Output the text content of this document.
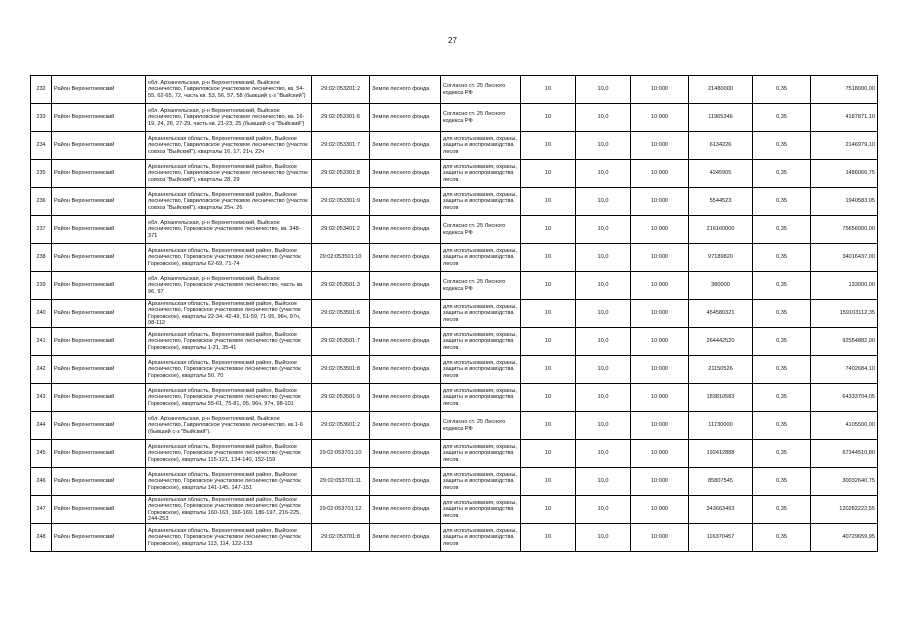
27
232	Район Верхнетоемский	обл. Архангельская, р-н Верхнетоемский, Выйское лесничество, Гавриловское участковое лесничество, кв. 54-55, 62-65, 72, часть кв. 53, 56, 57, 58 (бывший с-з "Выйский")	29:02:053201:2	Земли лесного фонда	Согласно ст. 25 Лесного кодекса РФ	10	10,0	10:000	21480000	0,35	7518000,00
233	Район Верхнетоемский	обл. Архангельская, р-н Верхнетоемский, Выйское лесничество, Гавриловское участковое лесничество, кв. 16-19, 24, 26, 27-29, часть кв. 21-23, 25 (бывший с-з "Выйский")	29:02:053301:6	Земли лесного фонда	Согласно ст. 25 Лесного кодекса РФ	10	10,0	10:000	11965346	0,35	4187871,10
234	Район Верхнетоемский	Архангельская область, Верхнетоемский район, Выйское лесничество, Гавриловское участковое лесничество (участок совхоз "Выйский"), кварталы 16, 17, 21ч, 22ч	29:02:053301:7	Земли лесного фонда	для использования, охраны, защиты и воспроизводства лесов	10	10,0	10:000	6134226	0,35	2146979,10
235	Район Верхнетоемский	Архангельская область, Верхнетоемский район, Выйское лесничество, Гавриловское участковое лесничество (участок совхоз "Выйский"), кварталы 28, 29	29:02:053301:8	Земли лесного фонда	для использования, охраны, защиты и воспроизводства лесов	10	10,0	10:000	4245905	0,35	1486066,75
236	Район Верхнетоемский	Архангельская область, Верхнетоемский район, Выйское лесничество, Гавриловское участковое лесничество (участок совхоз "Выйский"), кварталы 25ч, 26	29:02:053301:9	Земли лесного фонда	для использования, охраны, защиты и воспроизводства лесов	10	10,0	10:000	5544523	0,35	1940583,05
237	Район Верхнетоемский	обл. Архангельская, р-н Верхнетоемский, Выйское лесничество, Горковское участковое лесничество, кв. 348-371	29:02:053401:2	Земли лесного фонда	Согласно ст. 25 Лесного кодекса РФ	10	10,0	10:000	216160000	0,35	75656000,00
238	Район Верхнетоемский	Архангельская область, Верхнетоемский район, Выйское лесничество, Горковское участковое лесничество (участок Горковское), кварталы 62-69, 71-74	29:02:053501:10	Земли лесного фонда	для использования, охраны, защиты и воспроизводства лесов	10	10,0	10:000	97189820	0,35	34016437,00
239	Район Верхнетоемский	обл. Архангельская, р-н Верхнетоемский, Выйское лесничество, Горковское участковое лесничество, часть кв. 96, 97	29:02:053501:3	Земли лесного фонда	Согласно ст. 25 Лесного кодекса РФ	10	10,0	10:000	380000	0,35	133000,00
240	Район Верхнетоемский	Архангельская область, Верхнетоемский район, Выйское лесничество, Горковское участковое лесничество (участок Горковское), кварталы 22-34, 42-49, 51-59, 71-95, 96ч, 97ч, 98-112	29:02:053501:6	Земли лесного фонда	для использования, охраны, защиты и воспроизводства лесов	10	10,0	10:000	454580321	0,35	159103112,35
241	Район Верхнетоемский	Архангельская область, Верхнетоемский район, Выйское лесничество, Горковское участковое лесничество (участок Горковское), кварталы 1-21, 35-41	29:02:053501:7	Земли лесного фонда	для использования, охраны, защиты и воспроизводства лесов	10	10,0	10:000	264442520	0,35	92554882,00
242	Район Верхнетоемский	Архангельская область, Верхнетоемский район, Выйское лесничество, Горковское участковое лесничество (участок Горковское), кварталы 50, 70	29:02:053501:8	Земли лесного фонда	для использования, охраны, защиты и воспроизводства лесов	10	10,0	10:000	21150526	0,35	7402684,10
243	Район Верхнетоемский	Архангельская область, Верхнетоемский район, Выйское лесничество, Горковское участковое лесничество (участок Горковское), кварталы 55-61, 75-81, 95, 96ч, 97ч, 98-101	29:02:053501:9	Земли лесного фонда	для использования, охраны, защиты и воспроизводства лесов	10	10,0	10:000	183810583	0,35	64333704,05
244	Район Верхнетоемский	обл. Архангельская, р-н Верхнетоемский, Выйское лесничество, Гавриловское участковое лесничество, кв.1-6 (бывший с-з "Выйский").	29:02:053601:2	Земли лесного фонда	Согласно ст. 25 Лесного кодекса РФ	10	10,0	10:000	11730000	0,35	4105500,00
245	Район Верхнетоемский	Архангельская область, Верхнетоемский район, Выйское лесничество, Горковское участковое лесничество (участок Горковское), кварталы 115-121, 134-140, 152-159	29:02:053701:10	Земли лесного фонда	для использования, охраны, защиты и воспроизводства лесов	10	10,0	10:000	192412888	0,35	67344510,80
246	Район Верхнетоемский	Архангельская область, Верхнетоемский район, Выйское лесничество, Горковское участковое лесничество (участок Горковское), кварталы 141-145, 147-151	29:02:053701:11	Земли лесного фонда	для использования, охраны, защиты и воспроизводства лесов	10	10,0	10:000	85807545	0,35	30032640,75
247	Район Верхнетоемский	Архангельская область, Верхнетоемский район, Выйское лесничество, Горковское участковое лесничество (участок Горковское), кварталы 160-163, 166-169, 186-197, 216-225, 244-253	29:02:053701:12	Земли лесного фонда	для использования, охраны, защиты и воспроизводства лесов	10	10,0	10:000	343663493	0,35	120282222,55
248	Район Верхнетоемский	Архангельская область, Верхнетоемский район, Выйское лесничество, Горковское участковое лесничество (участок Горковское), кварталы 113, 114, 122-133	29:02:053701:8	Земли лесного фонда	для использования, охраны, защиты и воспроизводства лесов	10	10,0	10:000	116370457	0,35	40729659,95
